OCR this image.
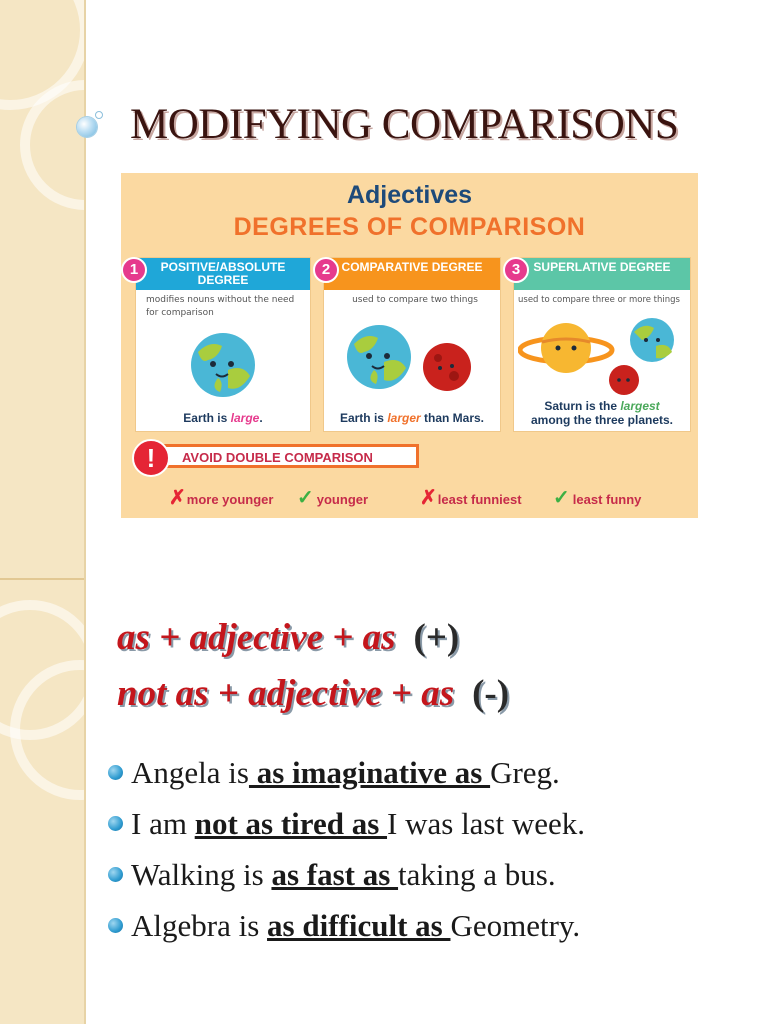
MODIFYING COMPARISONS
Adjectives
DEGREES OF COMPARISON
POSITIVE/ABSOLUTE DEGREE
modifies nouns without the need for comparison
Earth is large.
1	COMPARATIVE DEGREE
used to compare two things
Earth is larger than Mars.
2	SUPERLATIVE DEGREE
used to compare three or more things
Saturn is the largest
among the three planets.
3
AVOID DOUBLE COMPARISON
!
✗more younger ✓ younger	✗least funniest ✓ least funny
as + adjective + as (+)
not as + adjective + as (-)
Angela is as imaginative as Greg.
I am not as tired as I was last week.
Walking is as fast as taking a bus.
Algebra is as difficult as Geometry.
